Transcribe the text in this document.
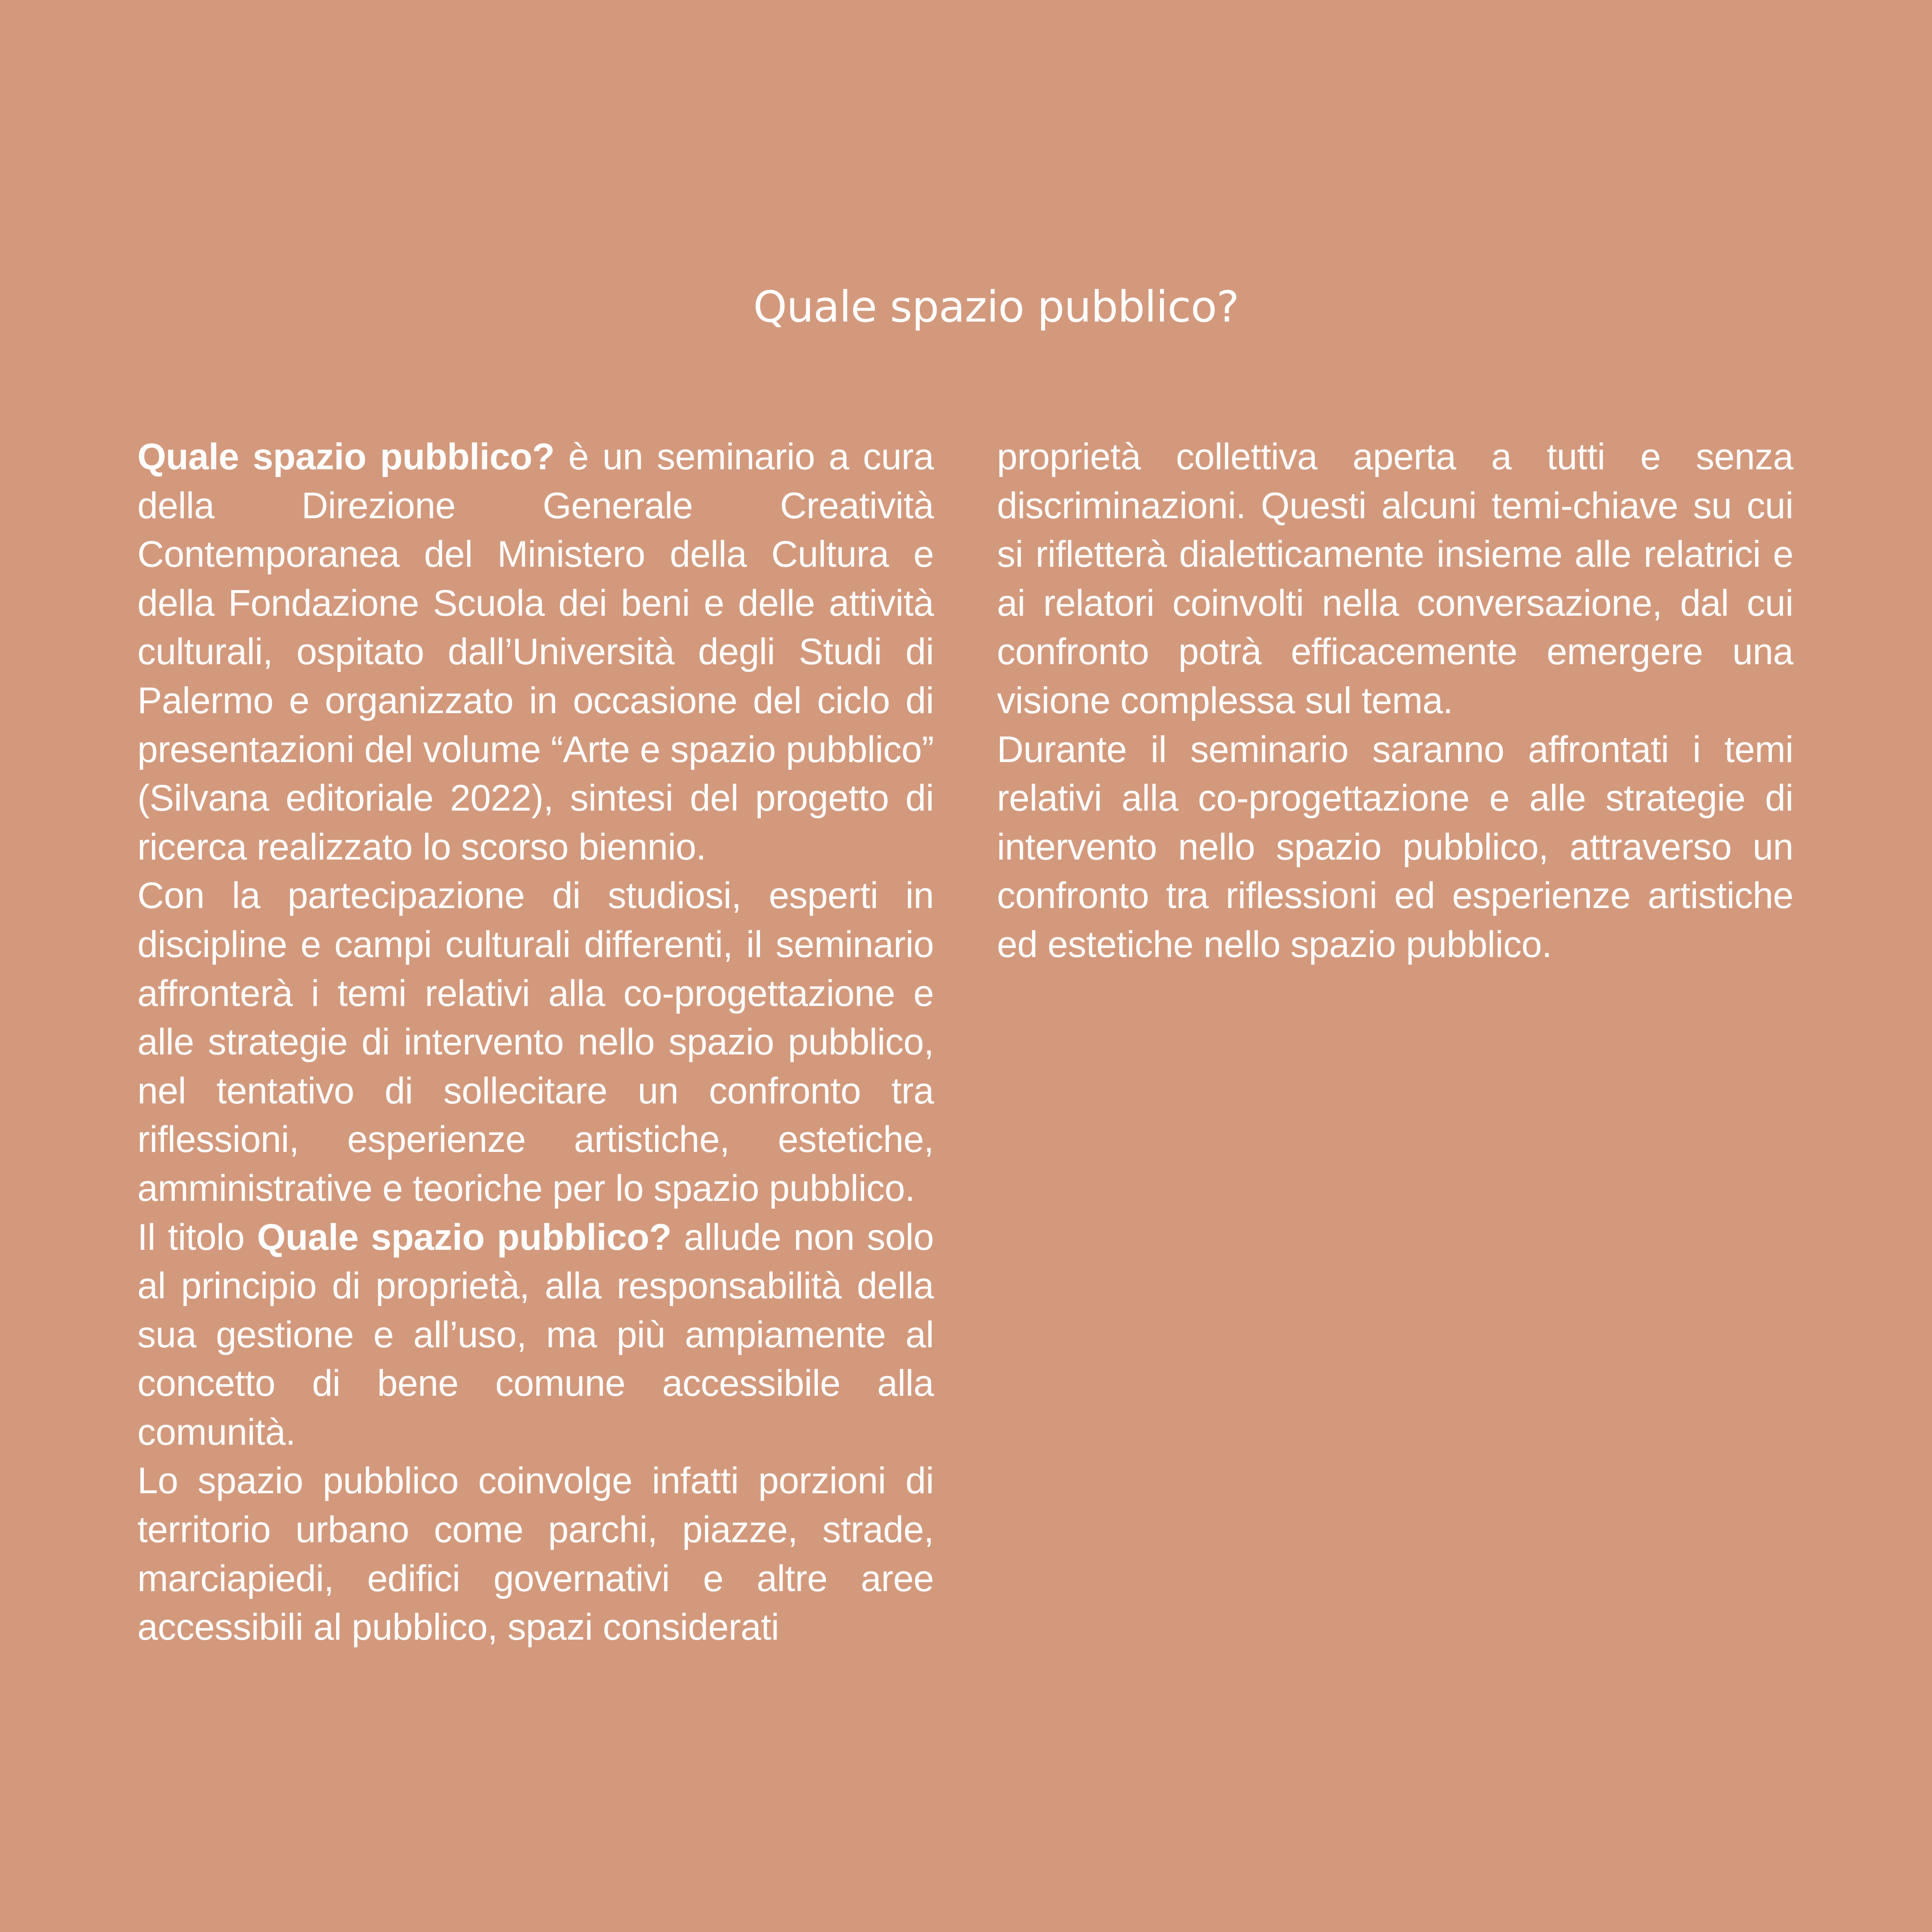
Quale spazio pubblico?

Quale spazio pubblico? è un seminario a cura della Direzione Generale Creatività Contemporanea del Ministero della Cultura e della Fondazione Scuola dei beni e delle attività culturali, ospitato dall’Università degli Studi di Palermo e organizzato in occasione del ciclo di presentazioni del volume “Arte e spazio pubblico” (Silvana editoriale 2022), sintesi del progetto di ricerca realizzato lo scorso biennio.

Con la partecipazione di studiosi, esperti in discipline e campi culturali differenti, il seminario affronterà i temi relativi alla co-progettazione e alle strategie di intervento nello spazio pubblico, nel tentativo di sollecitare un confronto tra riflessioni, esperienze artistiche, estetiche, amministrative e teoriche per lo spazio pubblico.

Il titolo Quale spazio pubblico? allude non solo al principio di proprietà, alla responsabilità della sua gestione e all’uso, ma più ampiamente al concetto di bene comune accessibile alla comunità.

Lo spazio pubblico coinvolge infatti porzioni di territorio urbano come parchi, piazze, strade, marciapiedi, edifici governativi e altre aree accessibili al pubblico, spazi considerati

proprietà collettiva aperta a tutti e senza discriminazioni. Questi alcuni temi-chiave su cui si rifletterà dialetticamente insieme alle relatrici e ai relatori coinvolti nella conversazione, dal cui confronto potrà efficacemente emergere una visione complessa sul tema.

Durante il seminario saranno affrontati i temi relativi alla co-progettazione e alle strategie di intervento nello spazio pubblico, attraverso un confronto tra riflessioni ed esperienze artistiche ed estetiche nello spazio pubblico.
